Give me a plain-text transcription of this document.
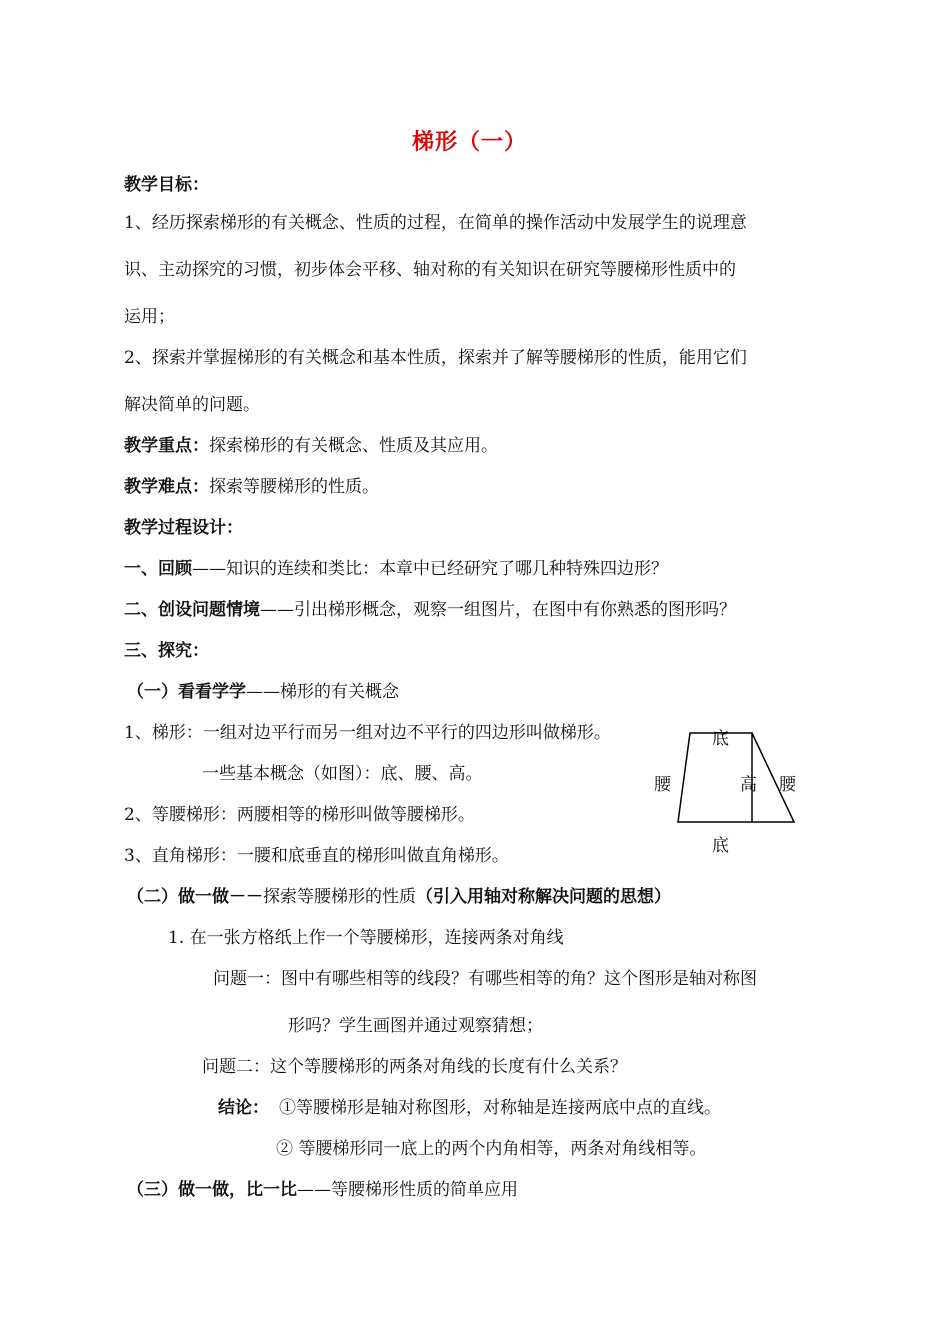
梯形（一）
教学目标：
1、经历探索梯形的有关概念、性质的过程，在简单的操作活动中发展学生的说理意
识、主动探究的习惯，初步体会平移、轴对称的有关知识在研究等腰梯形性质中的
运用；
2、探索并掌握梯形的有关概念和基本性质，探索并了解等腰梯形的性质，能用它们
解决简单的问题。
教学重点：探索梯形的有关概念、性质及其应用。
教学难点：探索等腰梯形的性质。
教学过程设计：
一、回顾——知识的连续和类比：本章中已经研究了哪几种特殊四边形？
二、创设问题情境——引出梯形概念，观察一组图片，在图中有你熟悉的图形吗？
三、探究：
（一）看看学学——梯形的有关概念
1、梯形：一组对边平行而另一组对边不平行的四边形叫做梯形。
一些基本概念（如图）：底、腰、高。
2、等腰梯形：两腰相等的梯形叫做等腰梯形。
3、直角梯形：一腰和底垂直的梯形叫做直角梯形。
底
底
腰	腰
高
（二）做一做－－探索等腰梯形的性质（引入用轴对称解决问题的思想）
1. 在一张方格纸上作一个等腰梯形，连接两条对角线
问题一：图中有哪些相等的线段？有哪些相等的角？这个图形是轴对称图
形吗？学生画图并通过观察猜想；
问题二：这个等腰梯形的两条对角线的长度有什么关系？
结论： ①等腰梯形是轴对称图形，对称轴是连接两底中点的直线。
② 等腰梯形同一底上的两个内角相等，两条对角线相等。
（三）做一做，比一比——等腰梯形性质的简单应用
